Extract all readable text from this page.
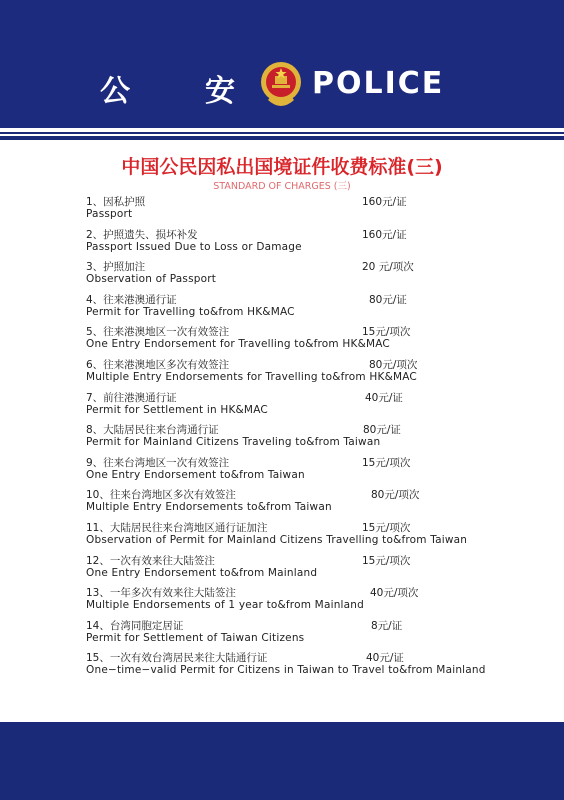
公 安	POLICE
中国公民因私出国境证件收费标准(三)
STANDARD OF CHARGES (三)
1、因私护照
Passport
160元/证
2、护照遗失、损坏补发
Passport Issued Due to Loss or Damage
160元/证
3、护照加注
Observation of Passport
20 元/项次
4、往来港澳通行证
Permit for Travelling to&from HK&MAC
80元/证
5、往来港澳地区一次有效签注
One Entry Endorsement for Travelling to&from HK&MAC
15元/项次
6、往来港澳地区多次有效签注
Multiple Entry Endorsements for Travelling to&from HK&MAC
80元/项次
7、前往港澳通行证
Permit for Settlement in HK&MAC
40元/证
8、大陆居民往来台湾通行证
Permit for Mainland Citizens Traveling to&from Taiwan
80元/证
9、往来台湾地区一次有效签注
One Entry Endorsement to&from Taiwan
15元/项次
10、往来台湾地区多次有效签注
Multiple Entry Endorsements to&from Taiwan
80元/项次
11、大陆居民往来台湾地区通行证加注
Observation of Permit for Mainland Citizens Travelling to&from Taiwan
15元/项次
12、一次有效来往大陆签注
One Entry Endorsement to&from Mainland
15元/项次
13、一年多次有效来往大陆签注
Multiple Endorsements of 1 year to&from Mainland
40元/项次
14、台湾同胞定居证
Permit for Settlement of Taiwan Citizens
8元/证
15、一次有效台湾居民来往大陆通行证
One−time−valid Permit for Citizens in Taiwan to Travel to&from Mainland
40元/证
